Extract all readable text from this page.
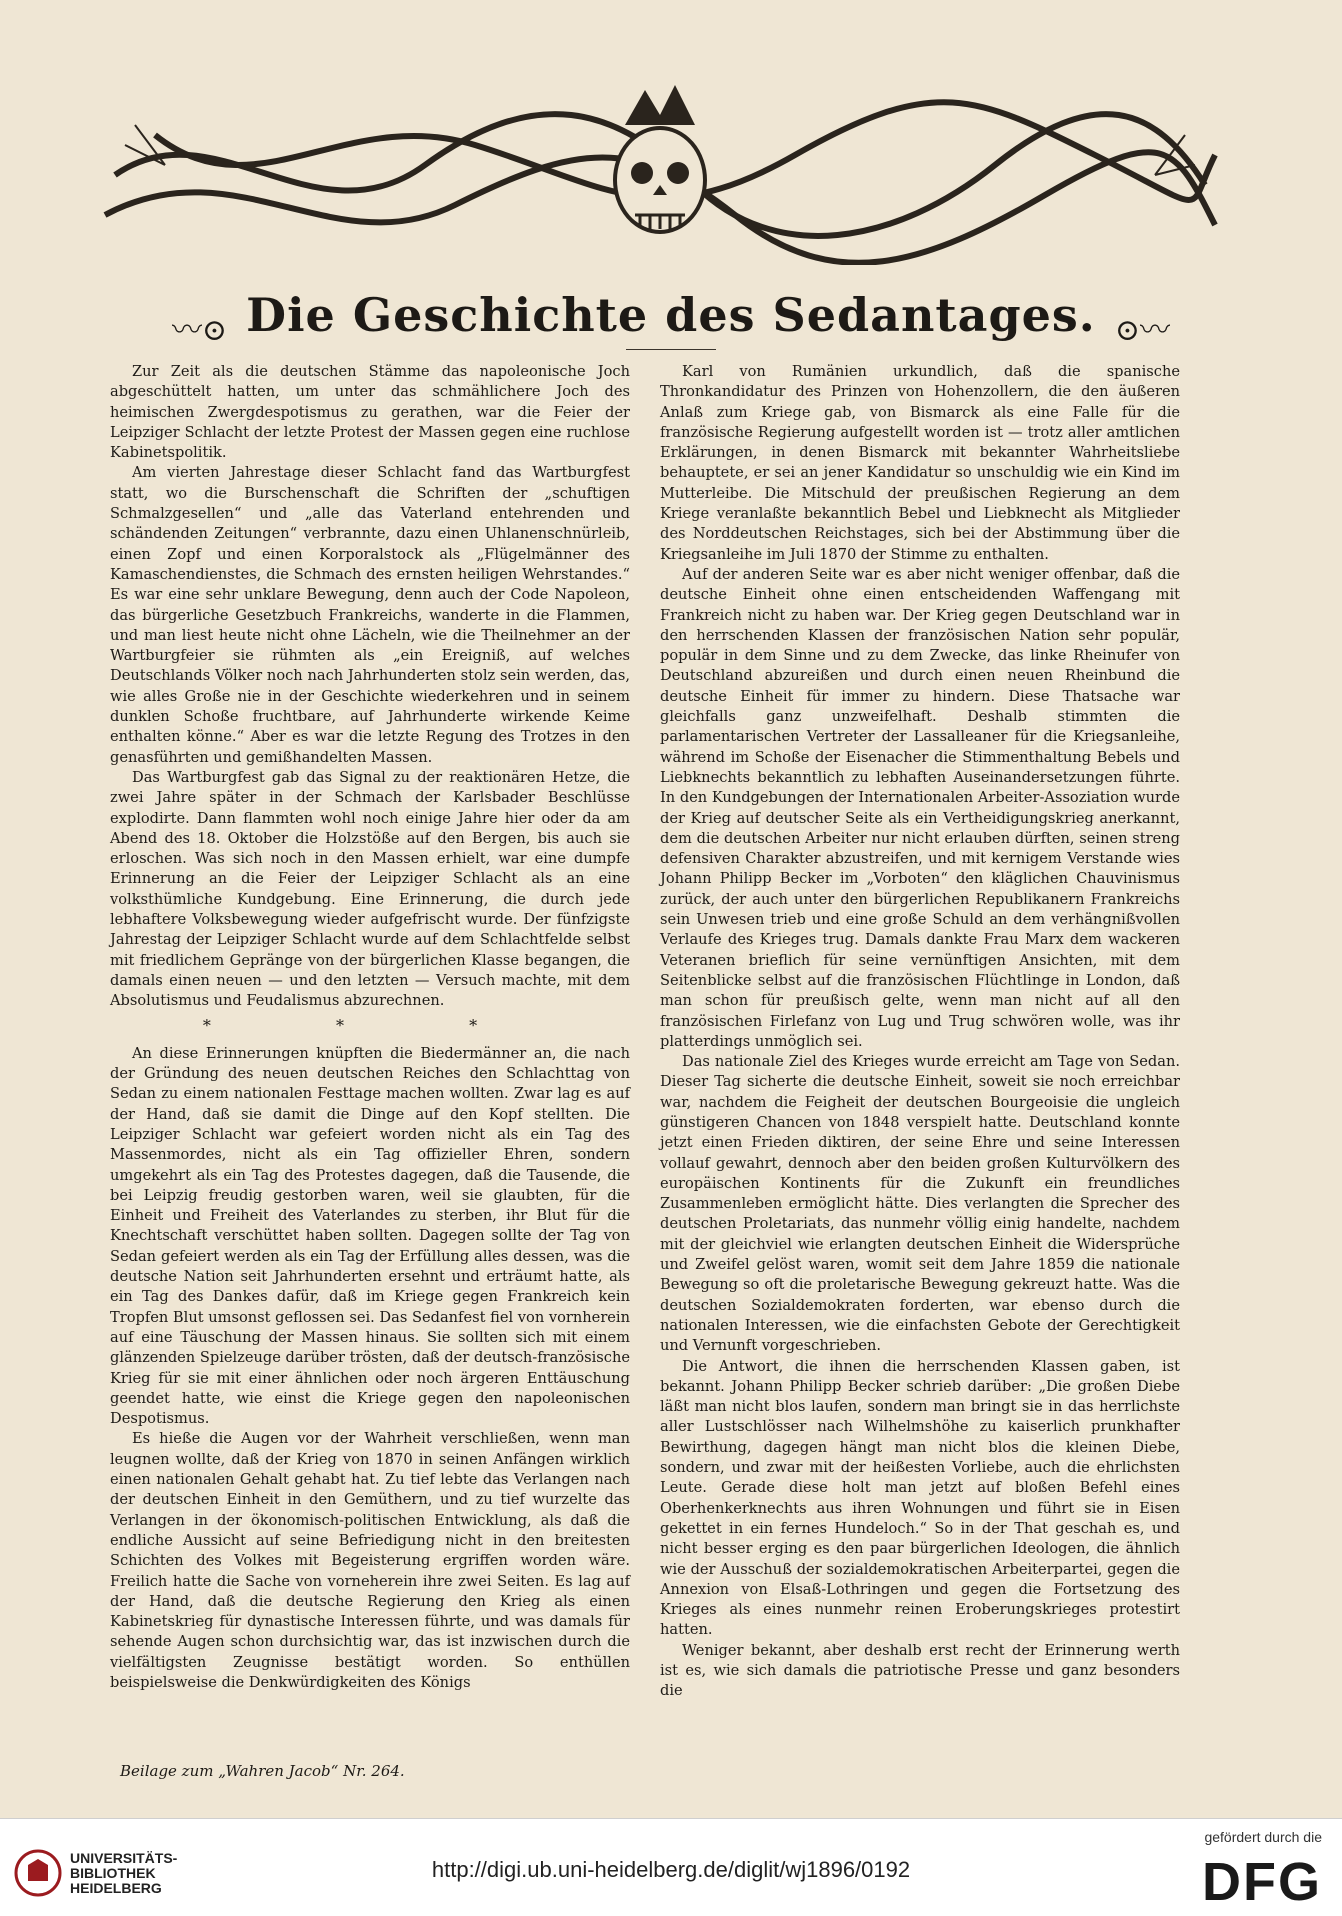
〰⊙ Die Geschichte des Sedantages. ⊙〰

Zur Zeit als die deutschen Stämme das napoleonische Joch abgeschüttelt hatten, um unter das schmählichere Joch des heimischen Zwergdespotismus zu gerathen, war die Feier der Leipziger Schlacht der letzte Protest der Massen gegen eine ruchlose Kabinetspolitik.

Am vierten Jahrestage dieser Schlacht fand das Wartburgfest statt, wo die Burschenschaft die Schriften der „schuftigen Schmalzgesellen“ und „alle das Vaterland entehrenden und schändenden Zeitungen“ verbrannte, dazu einen Uhlanenschnürleib, einen Zopf und einen Korporalstock als „Flügelmänner des Kamaschendienstes, die Schmach des ernsten heiligen Wehrstandes.“ Es war eine sehr unklare Bewegung, denn auch der Code Napoleon, das bürgerliche Gesetzbuch Frankreichs, wanderte in die Flammen, und man liest heute nicht ohne Lächeln, wie die Theilnehmer an der Wartburgfeier sie rühmten als „ein Ereigniß, auf welches Deutschlands Völker noch nach Jahrhunderten stolz sein werden, das, wie alles Große nie in der Geschichte wiederkehren und in seinem dunklen Schoße fruchtbare, auf Jahrhunderte wirkende Keime enthalten könne.“ Aber es war die letzte Regung des Trotzes in den genasführten und gemißhandelten Massen.

Das Wartburgfest gab das Signal zu der reaktionären Hetze, die zwei Jahre später in der Schmach der Karlsbader Beschlüsse explodirte. Dann flammten wohl noch einige Jahre hier oder da am Abend des 18. Oktober die Holzstöße auf den Bergen, bis auch sie erloschen. Was sich noch in den Massen erhielt, war eine dumpfe Erinnerung an die Feier der Leipziger Schlacht als an eine volksthümliche Kundgebung. Eine Erinnerung, die durch jede lebhaftere Volksbewegung wieder aufgefrischt wurde. Der fünfzigste Jahrestag der Leipziger Schlacht wurde auf dem Schlachtfelde selbst mit friedlichem Gepränge von der bürgerlichen Klasse begangen, die damals einen neuen — und den letzten — Versuch machte, mit dem Absolutismus und Feudalismus abzurechnen.

* * *

An diese Erinnerungen knüpften die Biedermänner an, die nach der Gründung des neuen deutschen Reiches den Schlachttag von Sedan zu einem nationalen Festtage machen wollten. Zwar lag es auf der Hand, daß sie damit die Dinge auf den Kopf stellten. Die Leipziger Schlacht war gefeiert worden nicht als ein Tag des Massenmordes, nicht als ein Tag offizieller Ehren, sondern umgekehrt als ein Tag des Protestes dagegen, daß die Tausende, die bei Leipzig freudig gestorben waren, weil sie glaubten, für die Einheit und Freiheit des Vaterlandes zu sterben, ihr Blut für die Knechtschaft verschüttet haben sollten. Dagegen sollte der Tag von Sedan gefeiert werden als ein Tag der Erfüllung alles dessen, was die deutsche Nation seit Jahrhunderten ersehnt und erträumt hatte, als ein Tag des Dankes dafür, daß im Kriege gegen Frankreich kein Tropfen Blut umsonst geflossen sei. Das Sedanfest fiel von vornherein auf eine Täuschung der Massen hinaus. Sie sollten sich mit einem glänzenden Spielzeuge darüber trösten, daß der deutsch-französische Krieg für sie mit einer ähnlichen oder noch ärgeren Enttäuschung geendet hatte, wie einst die Kriege gegen den napoleonischen Despotismus.

Es hieße die Augen vor der Wahrheit verschließen, wenn man leugnen wollte, daß der Krieg von 1870 in seinen Anfängen wirklich einen nationalen Gehalt gehabt hat. Zu tief lebte das Verlangen nach der deutschen Einheit in den Gemüthern, und zu tief wurzelte das Verlangen in der ökonomisch-politischen Entwicklung, als daß die endliche Aussicht auf seine Befriedigung nicht in den breitesten Schichten des Volkes mit Begeisterung ergriffen worden wäre. Freilich hatte die Sache von vorneherein ihre zwei Seiten. Es lag auf der Hand, daß die deutsche Regierung den Krieg als einen Kabinetskrieg für dynastische Interessen führte, und was damals für sehende Augen schon durchsichtig war, das ist inzwischen durch die vielfältigsten Zeugnisse bestätigt worden. So enthüllen beispielsweise die Denkwürdigkeiten des Königs

Karl von Rumänien urkundlich, daß die spanische Thronkandidatur des Prinzen von Hohenzollern, die den äußeren Anlaß zum Kriege gab, von Bismarck als eine Falle für die französische Regierung aufgestellt worden ist — trotz aller amtlichen Erklärungen, in denen Bismarck mit bekannter Wahrheitsliebe behauptete, er sei an jener Kandidatur so unschuldig wie ein Kind im Mutterleibe. Die Mitschuld der preußischen Regierung an dem Kriege veranlaßte bekanntlich Bebel und Liebknecht als Mitglieder des Norddeutschen Reichstages, sich bei der Abstimmung über die Kriegsanleihe im Juli 1870 der Stimme zu enthalten.

Auf der anderen Seite war es aber nicht weniger offenbar, daß die deutsche Einheit ohne einen entscheidenden Waffengang mit Frankreich nicht zu haben war. Der Krieg gegen Deutschland war in den herrschenden Klassen der französischen Nation sehr populär, populär in dem Sinne und zu dem Zwecke, das linke Rheinufer von Deutschland abzureißen und durch einen neuen Rheinbund die deutsche Einheit für immer zu hindern. Diese Thatsache war gleichfalls ganz unzweifelhaft. Deshalb stimmten die parlamentarischen Vertreter der Lassalleaner für die Kriegsanleihe, während im Schoße der Eisenacher die Stimmenthaltung Bebels und Liebknechts bekanntlich zu lebhaften Auseinandersetzungen führte. In den Kundgebungen der Internationalen Arbeiter-Assoziation wurde der Krieg auf deutscher Seite als ein Vertheidigungskrieg anerkannt, dem die deutschen Arbeiter nur nicht erlauben dürften, seinen streng defensiven Charakter abzustreifen, und mit kernigem Verstande wies Johann Philipp Becker im „Vorboten“ den kläglichen Chauvinismus zurück, der auch unter den bürgerlichen Republikanern Frankreichs sein Unwesen trieb und eine große Schuld an dem verhängnißvollen Verlaufe des Krieges trug. Damals dankte Frau Marx dem wackeren Veteranen brieflich für seine vernünftigen Ansichten, mit dem Seitenblicke selbst auf die französischen Flüchtlinge in London, daß man schon für preußisch gelte, wenn man nicht auf all den französischen Firlefanz von Lug und Trug schwören wolle, was ihr platterdings unmöglich sei.

Das nationale Ziel des Krieges wurde erreicht am Tage von Sedan. Dieser Tag sicherte die deutsche Einheit, soweit sie noch erreichbar war, nachdem die Feigheit der deutschen Bourgeoisie die ungleich günstigeren Chancen von 1848 verspielt hatte. Deutschland konnte jetzt einen Frieden diktiren, der seine Ehre und seine Interessen vollauf gewahrt, dennoch aber den beiden großen Kulturvölkern des europäischen Kontinents für die Zukunft ein freundliches Zusammenleben ermöglicht hätte. Dies verlangten die Sprecher des deutschen Proletariats, das nunmehr völlig einig handelte, nachdem mit der gleichviel wie erlangten deutschen Einheit die Widersprüche und Zweifel gelöst waren, womit seit dem Jahre 1859 die nationale Bewegung so oft die proletarische Bewegung gekreuzt hatte. Was die deutschen Sozialdemokraten forderten, war ebenso durch die nationalen Interessen, wie die einfachsten Gebote der Gerechtigkeit und Vernunft vorgeschrieben.

Die Antwort, die ihnen die herrschenden Klassen gaben, ist bekannt. Johann Philipp Becker schrieb darüber: „Die großen Diebe läßt man nicht blos laufen, sondern man bringt sie in das herrlichste aller Lustschlösser nach Wilhelmshöhe zu kaiserlich prunkhafter Bewirthung, dagegen hängt man nicht blos die kleinen Diebe, sondern, und zwar mit der heißesten Vorliebe, auch die ehrlichsten Leute. Gerade diese holt man jetzt auf bloßen Befehl eines Oberhenkerknechts aus ihren Wohnungen und führt sie in Eisen gekettet in ein fernes Hundeloch.“ So in der That geschah es, und nicht besser erging es den paar bürgerlichen Ideologen, die ähnlich wie der Ausschuß der sozialdemokratischen Arbeiterpartei, gegen die Annexion von Elsaß-Lothringen und gegen die Fortsetzung des Krieges als eines nunmehr reinen Eroberungskrieges protestirt hatten.

Weniger bekannt, aber deshalb erst recht der Erinnerung werth ist es, wie sich damals die patriotische Presse und ganz besonders die

Beilage zum „Wahren Jacob“ Nr. 264.
UNIVERSITÄTS-
BIBLIOTHEK
HEIDELBERG
http://digi.ub.uni-heidelberg.de/diglit/wj1896/0192
gefördert durch die
DFG
